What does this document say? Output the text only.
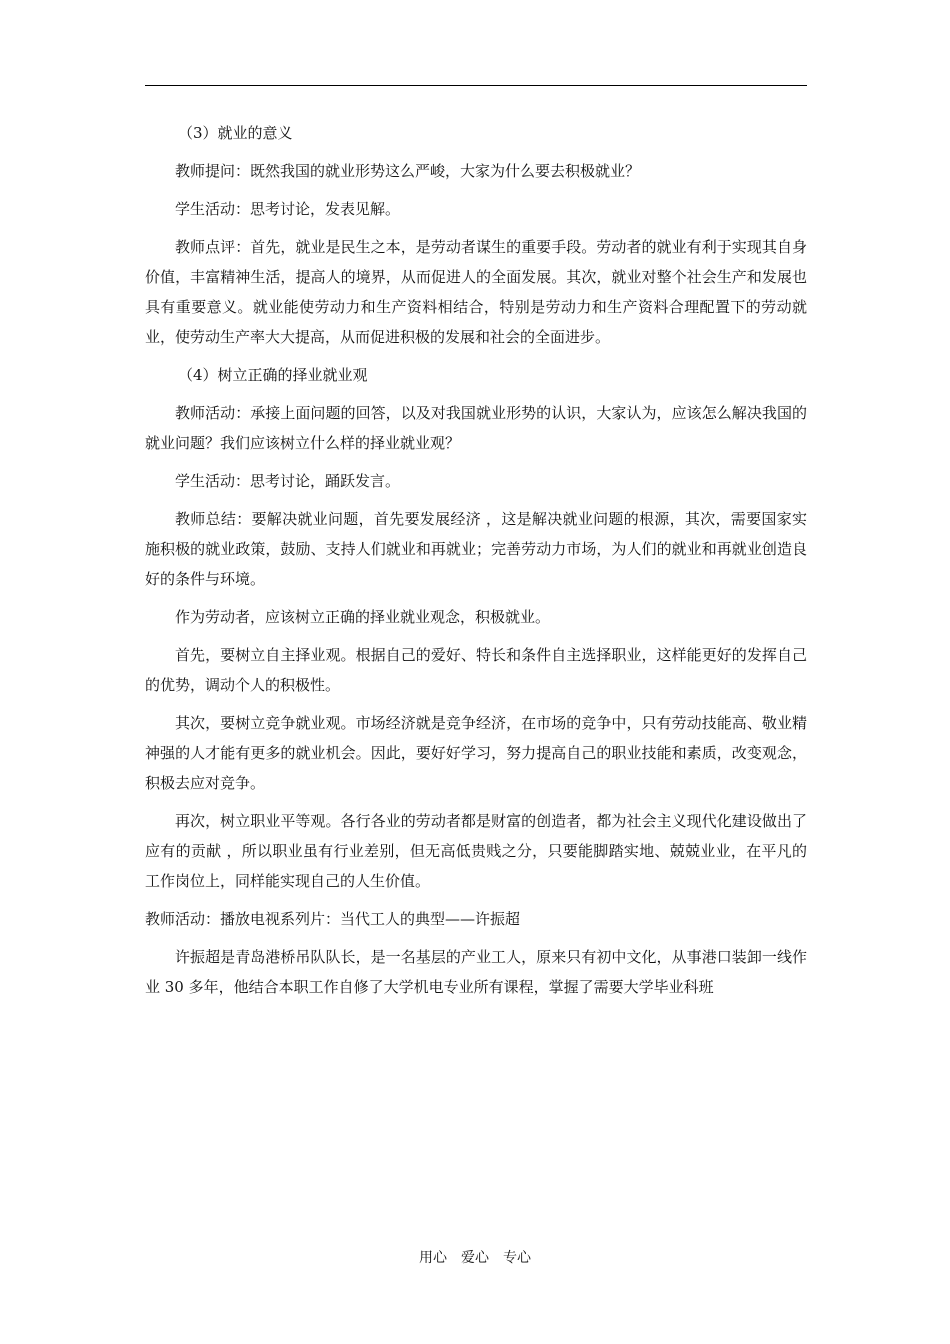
（3）就业的意义

教师提问：既然我国的就业形势这么严峻，大家为什么要去积极就业？

学生活动：思考讨论，发表见解。

教师点评：首先，就业是民生之本，是劳动者谋生的重要手段。劳动者的就业有利于实现其自身价值，丰富精神生活，提高人的境界，从而促进人的全面发展。其次，就业对整个社会生产和发展也具有重要意义。就业能使劳动力和生产资料相结合，特别是劳动力和生产资料合理配置下的劳动就业，使劳动生产率大大提高，从而促进积极的发展和社会的全面进步。

（4）树立正确的择业就业观

教师活动：承接上面问题的回答，以及对我国就业形势的认识，大家认为，应该怎么解决我国的就业问题？我们应该树立什么样的择业就业观？

学生活动：思考讨论，踊跃发言。

教师总结：要解决就业问题，首先要发展经济 ，这是解决就业问题的根源，其次，需要国家实施积极的就业政策，鼓励、支持人们就业和再就业；完善劳动力市场，为人们的就业和再就业创造良好的条件与环境。

作为劳动者，应该树立正确的择业就业观念，积极就业。

首先，要树立自主择业观。根据自己的爱好、特长和条件自主选择职业，这样能更好的发挥自己的优势，调动个人的积极性。

其次，要树立竞争就业观。市场经济就是竞争经济，在市场的竞争中，只有劳动技能高、敬业精神强的人才能有更多的就业机会。因此，要好好学习，努力提高自己的职业技能和素质，改变观念，积极去应对竞争。

再次，树立职业平等观。各行各业的劳动者都是财富的创造者，都为社会主义现代化建设做出了应有的贡献 ，所以职业虽有行业差别，但无高低贵贱之分，只要能脚踏实地、兢兢业业，在平凡的工作岗位上，同样能实现自己的人生价值。

教师活动：播放电视系列片：当代工人的典型——许振超

许振超是青岛港桥吊队队长，是一名基层的产业工人，原来只有初中文化，从事港口装卸一线作业 30 多年，他结合本职工作自修了大学机电专业所有课程，掌握了需要大学毕业科班

用心　爱心　专心
